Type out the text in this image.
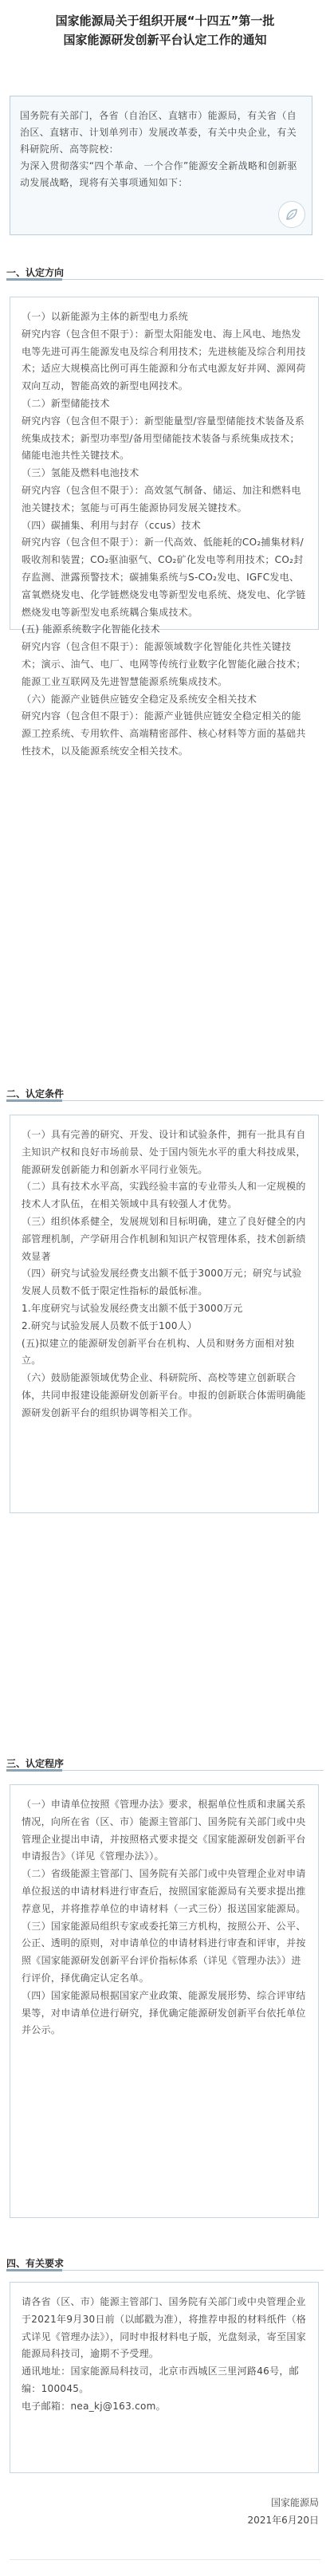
国家能源局关于组织开展“十四五”第一批
国家能源研发创新平台认定工作的通知

国务院有关部门，各省（自治区、直辖市）能源局，有关省（自治区、直辖市、计划单列市）发展改革委，有关中央企业，有关科研院所、高等院校：

为深入贯彻落实“四个革命、一个合作”能源安全新战略和创新驱动发展战略，现将有关事项通知如下：

一、认定方向

（一）以新能源为主体的新型电力系统

研究内容（包含但不限于）：新型太阳能发电、海上风电、地热发电等先进可再生能源发电及综合利用技术；先进核能及综合利用技术；适应大规模高比例可再生能源和分布式电源友好并网、源网荷双向互动，智能高效的新型电网技术。

（二）新型储能技术

研究内容（包含但不限于）：新型能量型/容量型储能技术装备及系统集成技术；新型功率型/备用型储能技术装备与系统集成技术；储能电池共性关键技术。

（三）氢能及燃料电池技术

研究内容（包含但不限于）：高效氢气制备、储运、加注和燃料电池关键技术；氢能与可再生能源协同发展关键技术。

（四）碳捕集、利用与封存（ccus）技术

研究内容（包含但不限于）：新一代高效、低能耗的CO₂捕集材料/吸收剂和装置；CO₂驱油驱气、CO₂矿化发电等利用技术；CO₂封存监测、泄露预警技术；碳捕集系统与S-CO₂发电、IGFC发电、富氧燃烧发电、化学链燃烧发电等新型发电系统、烧发电、化学链燃烧发电等新型发电系统耦合集成技术。

(五) 能源系统数字化智能化技术

研究内容（包含但不限于）：能源领域数字化智能化共性关键技术；演示、油气、电厂、电网等传统行业数字化智能化融合技术；能源工业互联网及先进智慧能源系统集成技术。

（六）能源产业链供应链安全稳定及系统安全相关技术

研究内容（包含但不限于）：能源产业链供应链安全稳定相关的能源工控系统、专用软件、高端精密部件、核心材料等方面的基础共性技术，以及能源系统安全相关技术。

二、认定条件

（一）具有完善的研究、开发、设计和试验条件，拥有一批具有自主知识产权和良好市场前景、处于国内领先水平的重大科技成果，能源研发创新能力和创新水平同行业领先。

（二）具有技术水平高，实践经验丰富的专业带头人和一定规模的技术人才队伍，在相关领域中具有较强人才优势。

（三）组织体系健全，发展规划和目标明确，建立了良好健全的内部管理机制，产学研用合作机制和知识产权管理体系，技术创新绩效显著

（四）研究与试验发展经费支出额不低于3000万元；研究与试验发展人员数不低于限定性指标的最低标准。

1.年度研究与试验发展经费支出额不低于3000万元

2.研究与试验发展人员数不低于100人）

(五)拟建立的能源研发创新平台在机构、人员和财务方面相对独立。

（六）鼓励能源领域优势企业、科研院所、高校等建立创新联合体，共同申报建设能源研发创新平台。申报的创新联合体需明确能源研发创新平台的组织协调等相关工作。

三、认定程序

（一）申请单位按照《管理办法》要求，根据单位性质和隶属关系情况，向所在省（区、市）能源主管部门、国务院有关部门或中央管理企业提出申请，并按照格式要求提交《国家能源研发创新平台申请报告》（详见《管理办法》）。

（二）省级能源主管部门、国务院有关部门或中央管理企业对申请单位报送的申请材料进行审查后，按照国家能源局有关要求提出推荐意见，并将推荐单位的申请材料（一式三份）报送国家能源局。

（三）国家能源局组织专家或委托第三方机构，按照公开、公平、公正、透明的原则，对申请单位的申请材料进行审查和评审，并按照《国家能源研发创新平台评价指标体系（详见《管理办法》）进行评价，择优确定认定名单。

（四）国家能源局根据国家产业政策、能源发展形势、综合评审结果等，对申请单位进行研究，择优确定能源研发创新平台依托单位并公示。

四、有关要求

请各省（区、市）能源主管部门、国务院有关部门或中央管理企业于2021年9月30日前（以邮戳为准），将推荐申报的材料纸件（格式详见《管理办法》），同时申报材料电子版，光盘刻录，寄至国家能源局科技司，逾期不予受理。

通讯地址：国家能源局科技司，北京市西城区三里河路46号，邮编：100045。

电子邮箱：neа_kj@163.com。

国家能源局
2021年6月20日
